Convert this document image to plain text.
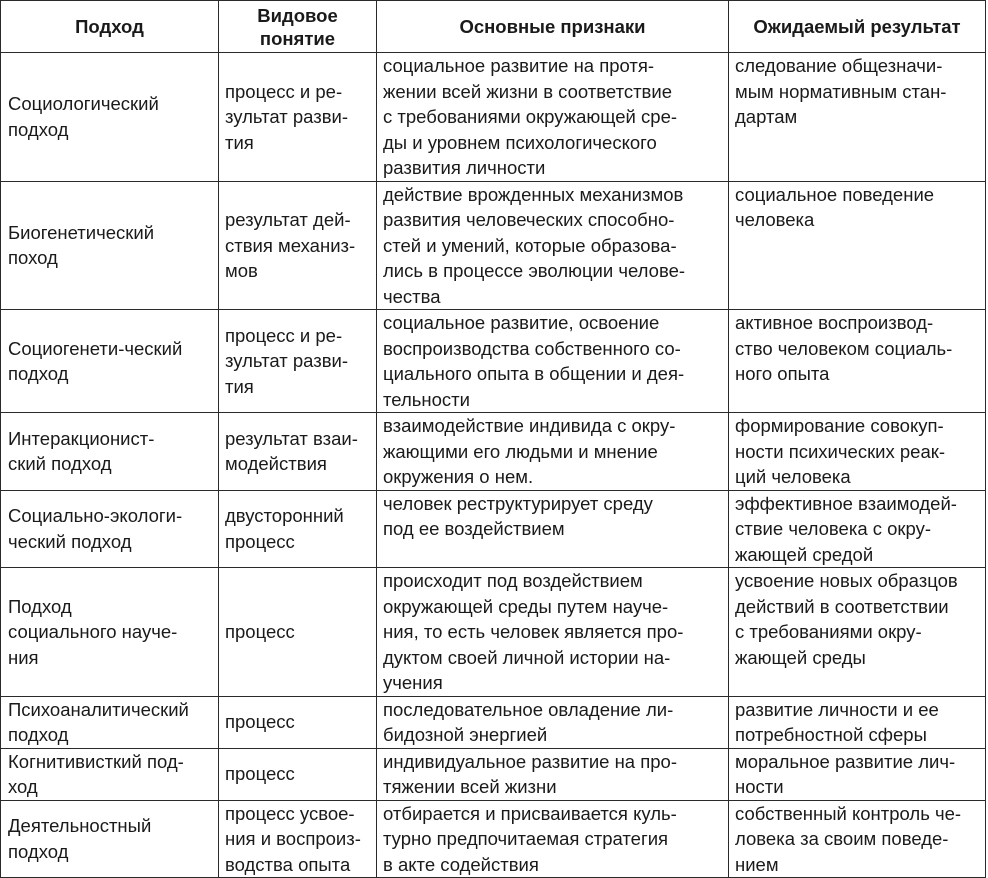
Подход	Видовое
понятие	Основные признаки	Ожидаемый результат

Социологический
подход	процесс и ре-
зультат разви-
тия	социальное развитие на протя-
жении всей жизни в соответствие
с требованиями окружающей сре-
ды и уровнем психологического
развития личности	следование общезначи-
мым нормативным стан-
дартам

Биогенетический
поход	результат дей-
ствия механиз-
мов	действие врожденных механизмов
развития человеческих способно-
стей и умений, которые образова-
лись в процессе эволюции челове-
чества	социальное поведение
человека

Социогенети-ческий
подход	процесс и ре-
зультат разви-
тия	социальное развитие, освоение
воспроизводства собственного со-
циального опыта в общении и дея-
тельности	активное воспроизвод-
ство человеком социаль-
ного опыта

Интеракционист-
ский подход	результат взаи-
модействия	взаимодействие индивида с окру-
жающими его людьми и мнение
окружения о нем.	формирование совокуп-
ности психических реак-
ций человека

Социально-экологи-
ческий подход	двусторонний
процесс	человек реструктурирует среду
под ее воздействием	эффективное взаимодей-
ствие человека с окру-
жающей средой

Подход
социального науче-
ния	процесс	происходит под воздействием
окружающей среды путем науче-
ния, то есть человек является про-
дуктом своей личной истории на-
учения	усвоение новых образцов
действий в соответствии
с требованиями окру-
жающей среды

Психоаналитический
подход	процесс	последовательное овладение ли-
бидозной энергией	развитие личности и ее
потребностной сферы

Когнитивисткий под-
ход	процесс	индивидуальное развитие на про-
тяжении всей жизни	моральное развитие лич-
ности

Деятельностный
подход	процесс усвое-
ния и воспроиз-
водства опыта	отбирается и присваивается куль-
турно предпочитаемая стратегия
в акте содействия	собственный контроль че-
ловека за своим поведе-
нием
